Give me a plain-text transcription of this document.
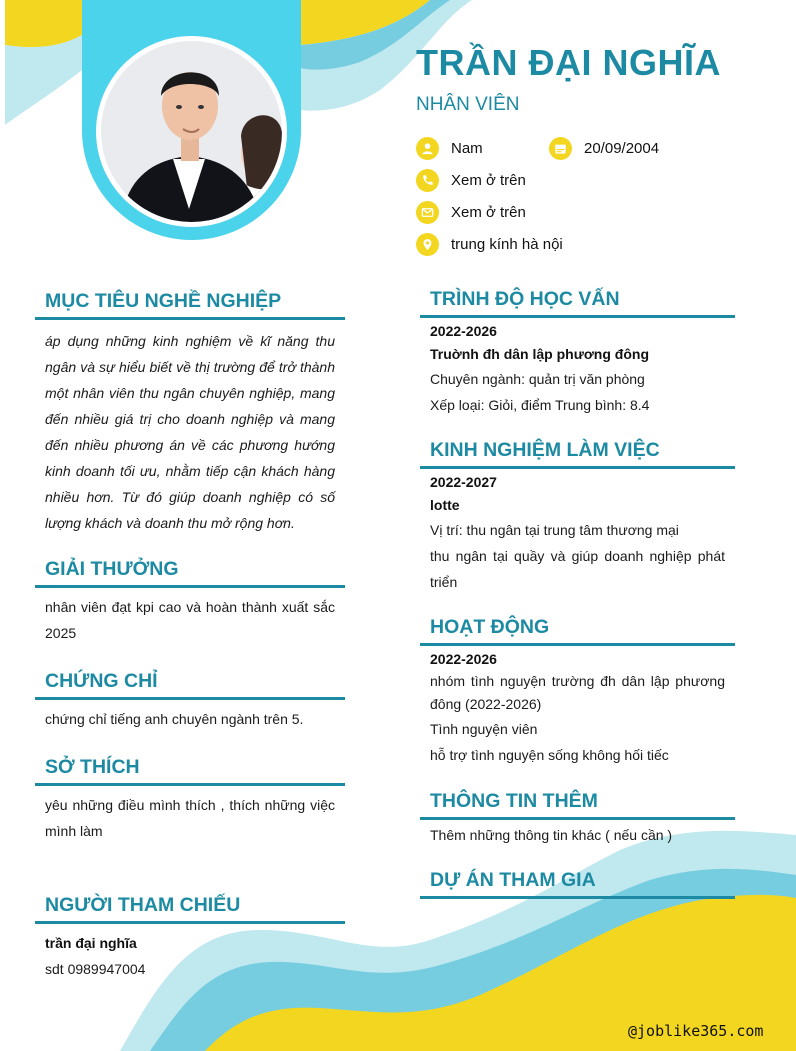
TRẦN ĐẠI NGHĨA
NHÂN VIÊN
Nam	20/09/2004
Xem ở trên
Xem ở trên
trung kính hà nội
MỤC TIÊU NGHỀ NGHIỆP
áp dụng những kinh nghiệm về kĩ năng thu ngân và sự hiểu biết về thị trường để trở thành một nhân viên thu ngân chuyên nghiệp, mang đến nhiều giá trị cho doanh nghiệp và mang đến nhiều phương án về các phương hướng kinh doanh tối ưu, nhằm tiếp cận khách hàng nhiều hơn. Từ đó giúp doanh nghiệp có số lượng khách và doanh thu mở rộng hơn.
GIẢI THƯỞNG
nhân viên đạt kpi cao và hoàn thành xuất sắc 2025
CHỨNG CHỈ
chứng chỉ tiếng anh chuyên ngành trên 5.
SỞ THÍCH
yêu những điều mình thích , thích những việc mình làm
NGƯỜI THAM CHIẾU
trần đại nghĩa
sdt 0989947004
TRÌNH ĐỘ HỌC VẤN
2022-2026
Truờnh đh dân lập phương đông
Chuyên ngành: quản trị văn phòng
Xếp loại: Giỏi, điểm Trung bình: 8.4
KINH NGHIỆM LÀM VIỆC
2022-2027
lotte
Vị trí: thu ngân tại trung tâm thương mại
thu ngân tại quầy và giúp doanh nghiệp phát triển
HOẠT ĐỘNG
2022-2026
nhóm tình nguyện trường đh dân lập phương đông (2022-2026)
Tình nguyện viên
hỗ trợ tình nguyện sống không hối tiếc
THÔNG TIN THÊM
Thêm những thông tin khác ( nếu cần )
DỰ ÁN THAM GIA
@joblike365.com
